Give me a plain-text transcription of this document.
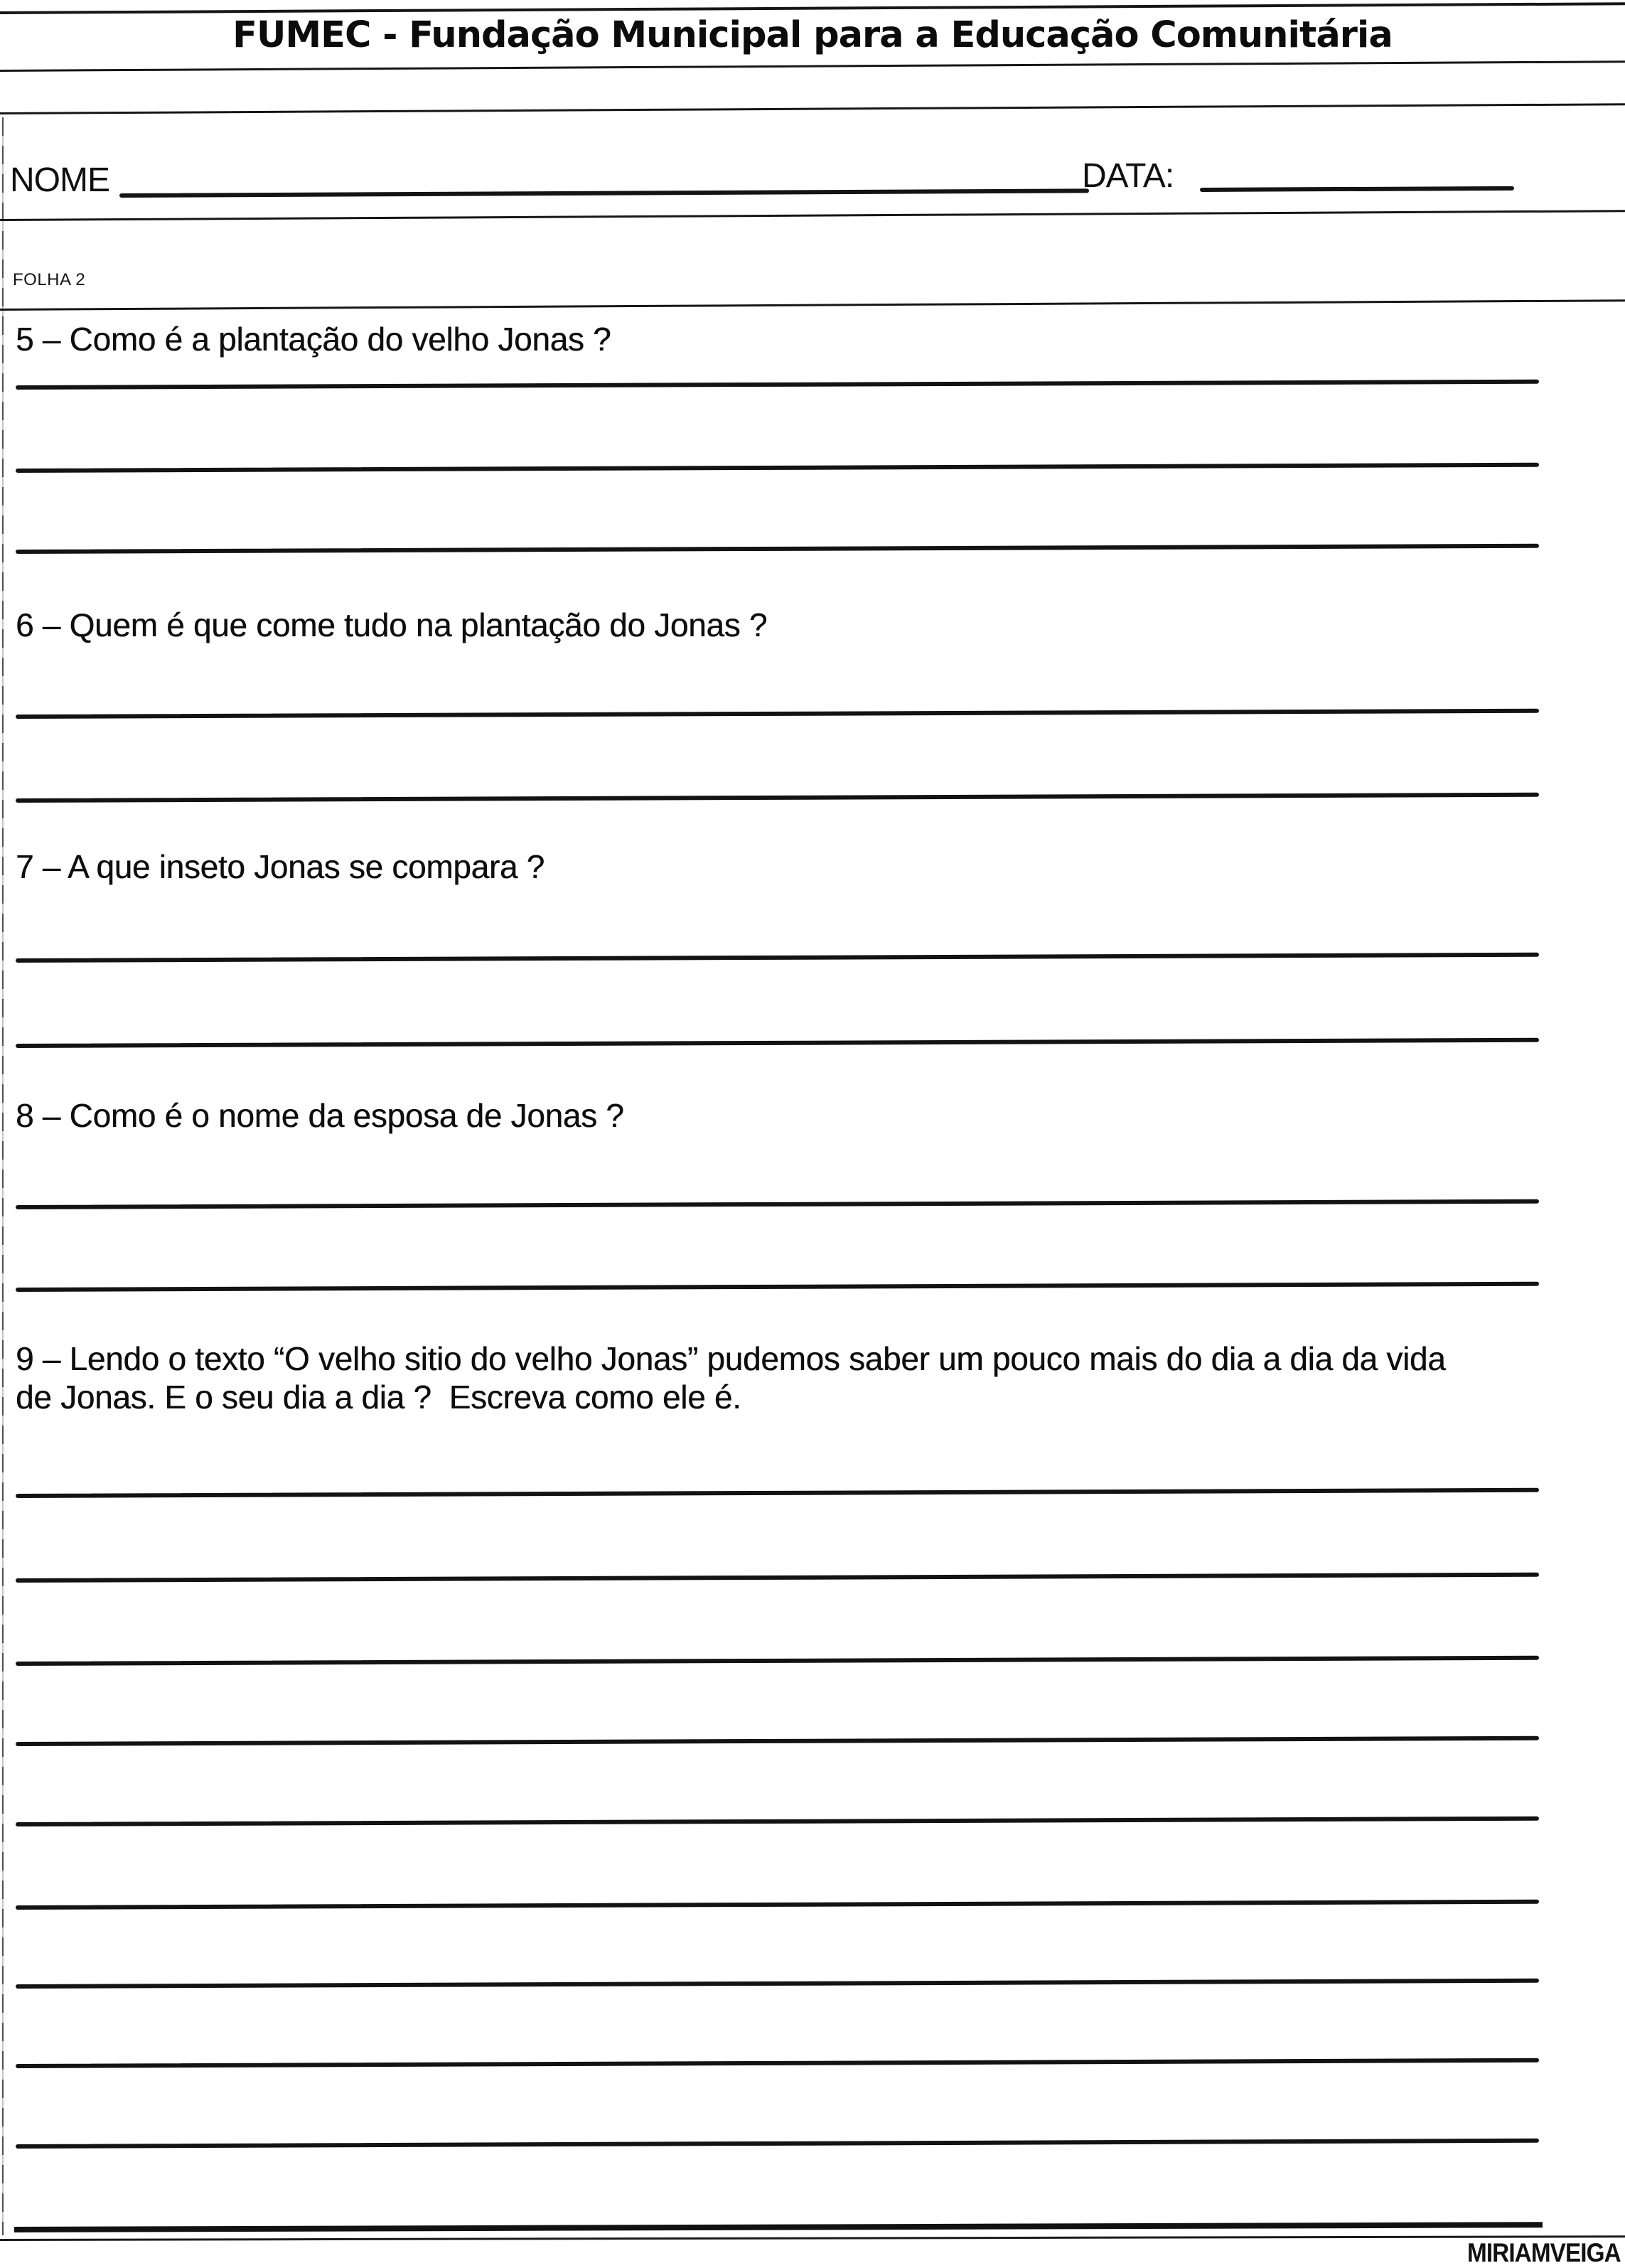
FUMEC - Fundação Municipal para a Educação Comunitária
NOME	DATA:
FOLHA 2
5 – Como é a plantação do velho Jonas ?
6 – Quem é que come tudo na plantação do Jonas ?
7 – A que inseto Jonas se compara ?
8 – Como é o nome da esposa de Jonas ?
9 – Lendo o texto “O velho sitio do velho Jonas” pudemos saber um pouco mais do dia a dia da vida
de Jonas. E o seu dia a dia ?  Escreva como ele é.
MIRIAMVEIGA
